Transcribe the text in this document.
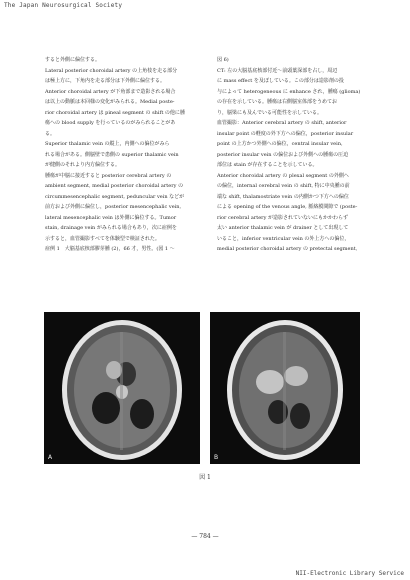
The Japan Neurosurgical Society

すると外側に偏位する。

Lateral posterior choroidal artery の上角枝を走る部分

は極上方に，下角内を走る部分は下外側に偏位する。

Anterior choroidal artery が下角部まで造影される場合

は以上の動脈は本回様の変化がみられる。Medial poste-

rior choroidal artery は pineal segment の shift の他に腫

瘍への blood supply を行っているのがみられることがあ

る。

Superior thalamic vein の縦上，内側への偏位がみら

れる場合がある。側脳壁で患側の superior thalamic vein

が健側のそれより内方偏位する。

腫瘍が中脳に接近すると posterior cerebral artery の

ambient segment, medial posterior choroidal artery の

circummesencephalic segment, peduncular vein などが

前方および外側に偏位し，posterior mesencephalic vein,

lateral mesencephalic vein は外側に偏位する。Tumor

stain, drainage vein がみられる場合もあり，次に症例を

示すると，血管撮影すべてを体験型で検証された。

症例 1　大脳基底核部膠芽腫 (2)，66 才，男性。(図 1 ～

図 6)

CT: 左の大脳基底核部付近～前頭葉深部を占し，周辺

に mass effect を及ぼしている。この部分は造影剤の投

与によって heterogeneous に enhance され，腫瘍 (glioma)

の存在を示している。腫瘍は右側脳室体部をうめてお

り，脳梁にも及んでいる可能性を示している。

血管撮影：Anterior cerebral artery の shift, anterior

insular point の軽度の外下方への偏位，posterior insular

point の上方かつ外側への偏位，central insular vein,

posterior insular vein の偏位および外側への腫瘍の圧迫

部位は stain が存在することを示している。

Anterior choroidal artery の plexal segment の外側へ

の偏位，internal cerebral vein の shift, 特に中央腫の前

端な shift, thalamostriate vein の内側かつ下方への偏位

による opening of the venous angle, 脈絡膜間隙で (poste-

rior cerebral artery が造影されていないにもかかわらず

太い anterior thalamic vein が drainer として出現して

いること，inferior ventricular vein の外上方への偏位，

medial posterior choroidal artery の pretectal segment,

A	B
図 1
— 784 —
NII-Electronic Library Service
